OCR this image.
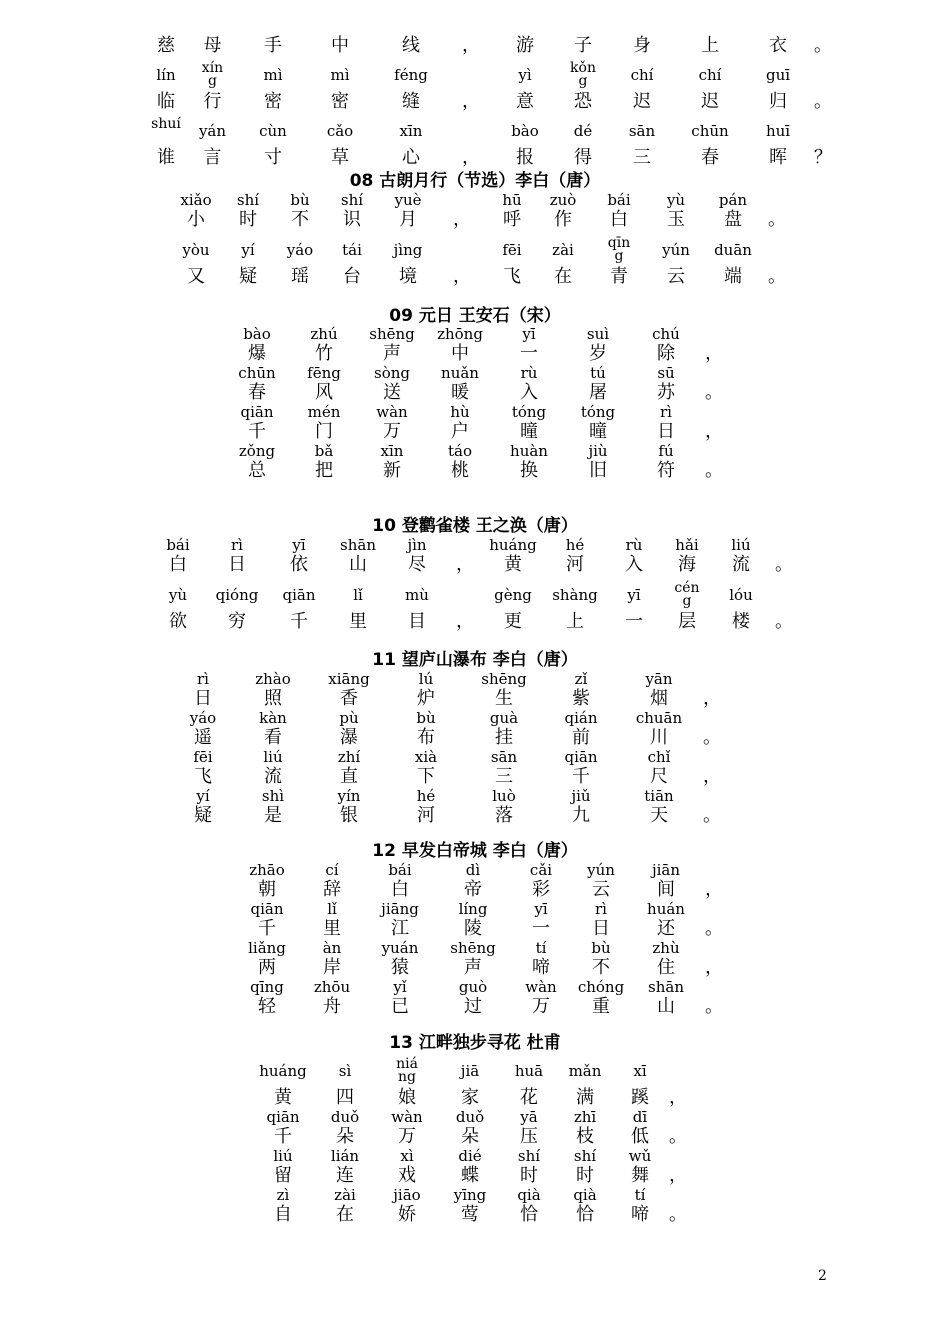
慈	母	手	中	线	，	游	子	身	上	衣	。
lín	xíng	mì	mì	féng	yì	kǒng	chí	chí	guī
临	行	密	密	缝	，	意	恐	迟	迟	归	。
shuí	yán	cùn	cǎo	xīn	bào	dé	sān	chūn	huī
谁	言	寸	草	心	，	报	得	三	春	晖	？
08 古朗月行（节选）李白（唐）
xiǎo	shí	bù	shí	yuè	hū	zuò	bái	yù	pán
小	时	不	识	月	，	呼	作	白	玉	盘	。
yòu	yí	yáo	tái	jìng	fēi	zài	qīng	yún	duān
又	疑	瑶	台	境	，	飞	在	青	云	端	。
09 元日 王安石（宋）
bào	zhú	shēng	zhōng	yī	suì	chú
爆	竹	声	中	一	岁	除	，
chūn	fēng	sòng	nuǎn	rù	tú	sū
春	风	送	暖	入	屠	苏	。
qiān	mén	wàn	hù	tóng	tóng	rì
千	门	万	户	曈	曈	日	，
zǒng	bǎ	xīn	táo	huàn	jiù	fú
总	把	新	桃	换	旧	符	。
10 登鹳雀楼 王之涣（唐）
bái	rì	yī	shān	jìn	huáng	hé	rù	hǎi	liú
白	日	依	山	尽	，	黄	河	入	海	流	。
yù	qióng	qiān	lǐ	mù	gèng	shàng	yī	céng	lóu
欲	穷	千	里	目	，	更	上	一	层	楼	。
11 望庐山瀑布 李白（唐）
rì	zhào	xiāng	lú	shēng	zǐ	yān
日	照	香	炉	生	紫	烟	，
yáo	kàn	pù	bù	guà	qián	chuān
遥	看	瀑	布	挂	前	川	。
fēi	liú	zhí	xià	sān	qiān	chǐ
飞	流	直	下	三	千	尺	，
yí	shì	yín	hé	luò	jiǔ	tiān
疑	是	银	河	落	九	天	。
12 早发白帝城 李白（唐）
zhāo	cí	bái	dì	cǎi	yún	jiān
朝	辞	白	帝	彩	云	间	，
qiān	lǐ	jiāng	líng	yī	rì	huán
千	里	江	陵	一	日	还	。
liǎng	àn	yuán	shēng	tí	bù	zhù
两	岸	猿	声	啼	不	住	，
qīng	zhōu	yǐ	guò	wàn	chóng	shān
轻	舟	已	过	万	重	山	。
13 江畔独步寻花 杜甫
huáng	sì	niáng	jiā	huā	mǎn	xī
黄	四	娘	家	花	满	蹊	，
qiān	duǒ	wàn	duǒ	yā	zhī	dī
千	朵	万	朵	压	枝	低	。
liú	lián	xì	dié	shí	shí	wǔ
留	连	戏	蝶	时	时	舞	，
zì	zài	jiāo	yīng	qià	qià	tí
自	在	娇	莺	恰	恰	啼	。
2
